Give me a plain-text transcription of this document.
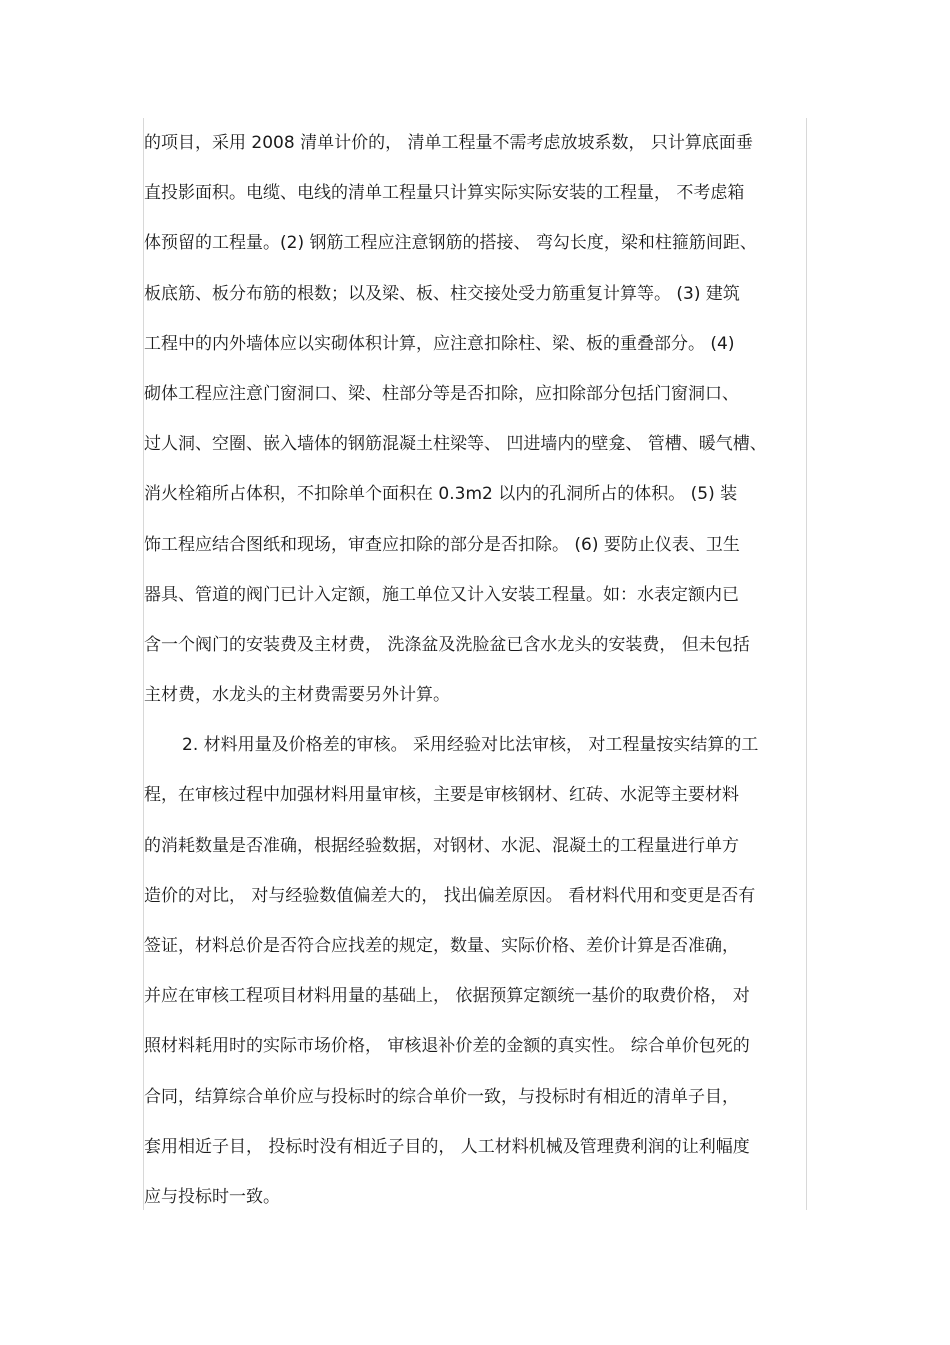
的项目，采用 2008 清单计价的， 清单工程量不需考虑放坡系数， 只计算底面垂
直投影面积。电缆、电线的清单工程量只计算实际实际安装的工程量， 不考虑箱
体预留的工程量。(2) 钢筋工程应注意钢筋的搭接、 弯勾长度，梁和柱箍筋间距、
板底筋、板分布筋的根数；以及梁、板、柱交接处受力筋重复计算等。 (3) 建筑
工程中的内外墙体应以实砌体积计算，应注意扣除柱、梁、板的重叠部分。 (4)
砌体工程应注意门窗洞口、梁、柱部分等是否扣除，应扣除部分包括门窗洞口、
过人洞、空圈、嵌入墙体的钢筋混凝土柱梁等、 凹进墙内的壁龛、 管槽、暖气槽、
消火栓箱所占体积，不扣除单个面积在 0.3m2 以内的孔洞所占的体积。 (5) 装
饰工程应结合图纸和现场，审查应扣除的部分是否扣除。 (6) 要防止仪表、卫生
器具、管道的阀门已计入定额，施工单位又计入安装工程量。如：水表定额内已
含一个阀门的安装费及主材费， 洗涤盆及洗脸盆已含水龙头的安装费， 但未包括
主材费，水龙头的主材费需要另外计算。
2. 材料用量及价格差的审核。 采用经验对比法审核， 对工程量按实结算的工
程，在审核过程中加强材料用量审核，主要是审核钢材、红砖、水泥等主要材料
的消耗数量是否准确，根据经验数据，对钢材、水泥、混凝土的工程量进行单方
造价的对比， 对与经验数值偏差大的， 找出偏差原因。 看材料代用和变更是否有
签证，材料总价是否符合应找差的规定，数量、实际价格、差价计算是否准确，
并应在审核工程项目材料用量的基础上， 依据预算定额统一基价的取费价格， 对
照材料耗用时的实际市场价格， 审核退补价差的金额的真实性。 综合单价包死的
合同，结算综合单价应与投标时的综合单价一致，与投标时有相近的清单子目，
套用相近子目， 投标时没有相近子目的， 人工材料机械及管理费利润的让利幅度
应与投标时一致。
